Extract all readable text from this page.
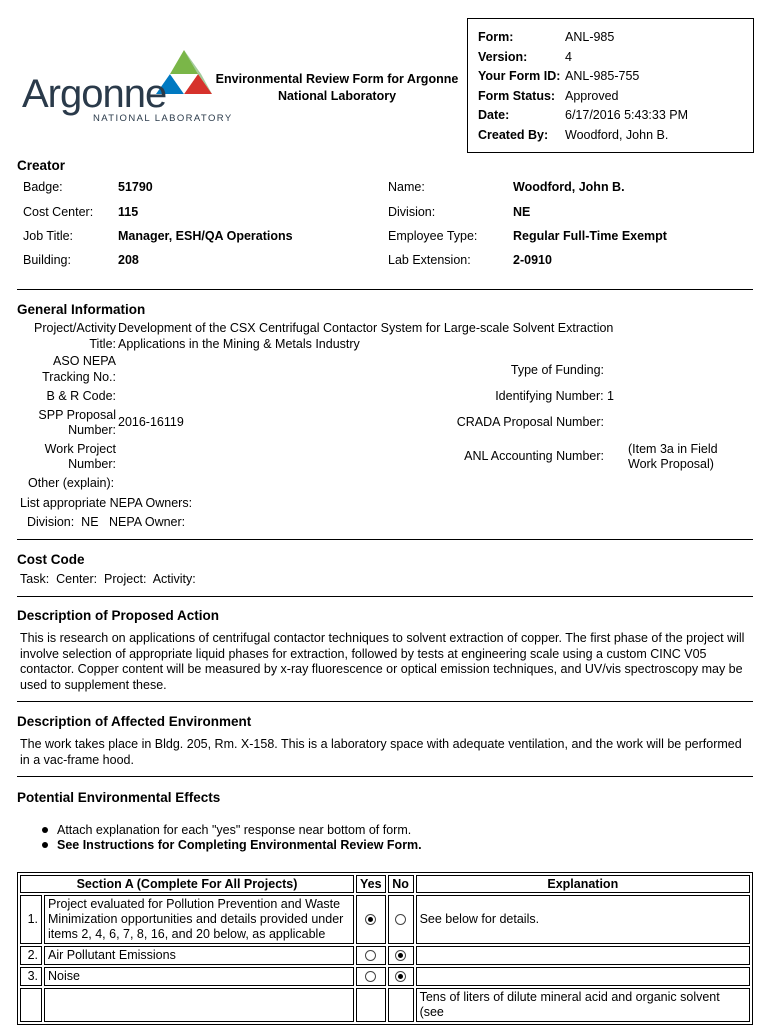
Argonne
NATIONAL LABORATORY
Environmental Review Form for Argonne National Laboratory
Form:	ANL-985
Version:	4
Your Form ID: ANL-985-755
Form Status: Approved
Date:	6/17/2016 5:43:33 PM
Created By: Woodford, John B.
Creator
Badge:	51790	Name:	Woodford, John B.
Cost Center: 115	Division:	NE
Job Title:	Manager, ESH/QA Operations	Employee Type:	Regular Full-Time Exempt
Building:	208	Lab Extension:	2-0910
General Information
Project/Activity
Title:
Development of the CSX Centrifugal Contactor System for Large-scale Solvent Extraction
Applications in the Mining & Metals Industry
ASO NEPA
Tracking No.:	Type of Funding:
B & R Code:	Identifying Number: 1
SPP Proposal
Number:
2016-16119	CRADA Proposal Number:
Work Project
Number:
ANL Accounting Number: (Item 3a in Field
Work Proposal)
Other (explain):
List appropriate NEPA Owners:
Division:  NE   NEPA Owner:
Cost Code
Task:  Center:  Project:  Activity:
Description of Proposed Action
This is research on applications of centrifugal contactor techniques to solvent extraction of copper. The first phase of the project will involve selection of appropriate liquid phases for extraction, followed by tests at engineering scale using a custom CINC V05 contactor. Copper content will be measured by x-ray fluorescence or optical emission techniques, and UV/vis spectroscopy may be used to supplement these.
Description of Affected Environment
The work takes place in Bldg. 205, Rm. X-158. This is a laboratory space with adequate ventilation, and the work will be performed in a vac-frame hood.
Potential Environmental Effects
Attach explanation for each "yes" response near bottom of form.
See Instructions for Completing Environmental Review Form.
Section A (Complete For All Projects)		Yes	No	Explanation
1.	Project evaluated for Pollution Prevention and Waste Minimization opportunities and details provided under items 2, 4, 6, 7, 8, 16, and 20 below, as applicable			See below for details.
2.	Air Pollutant Emissions			
3.	Noise			
				Tens of liters of dilute mineral acid and organic solvent (see
